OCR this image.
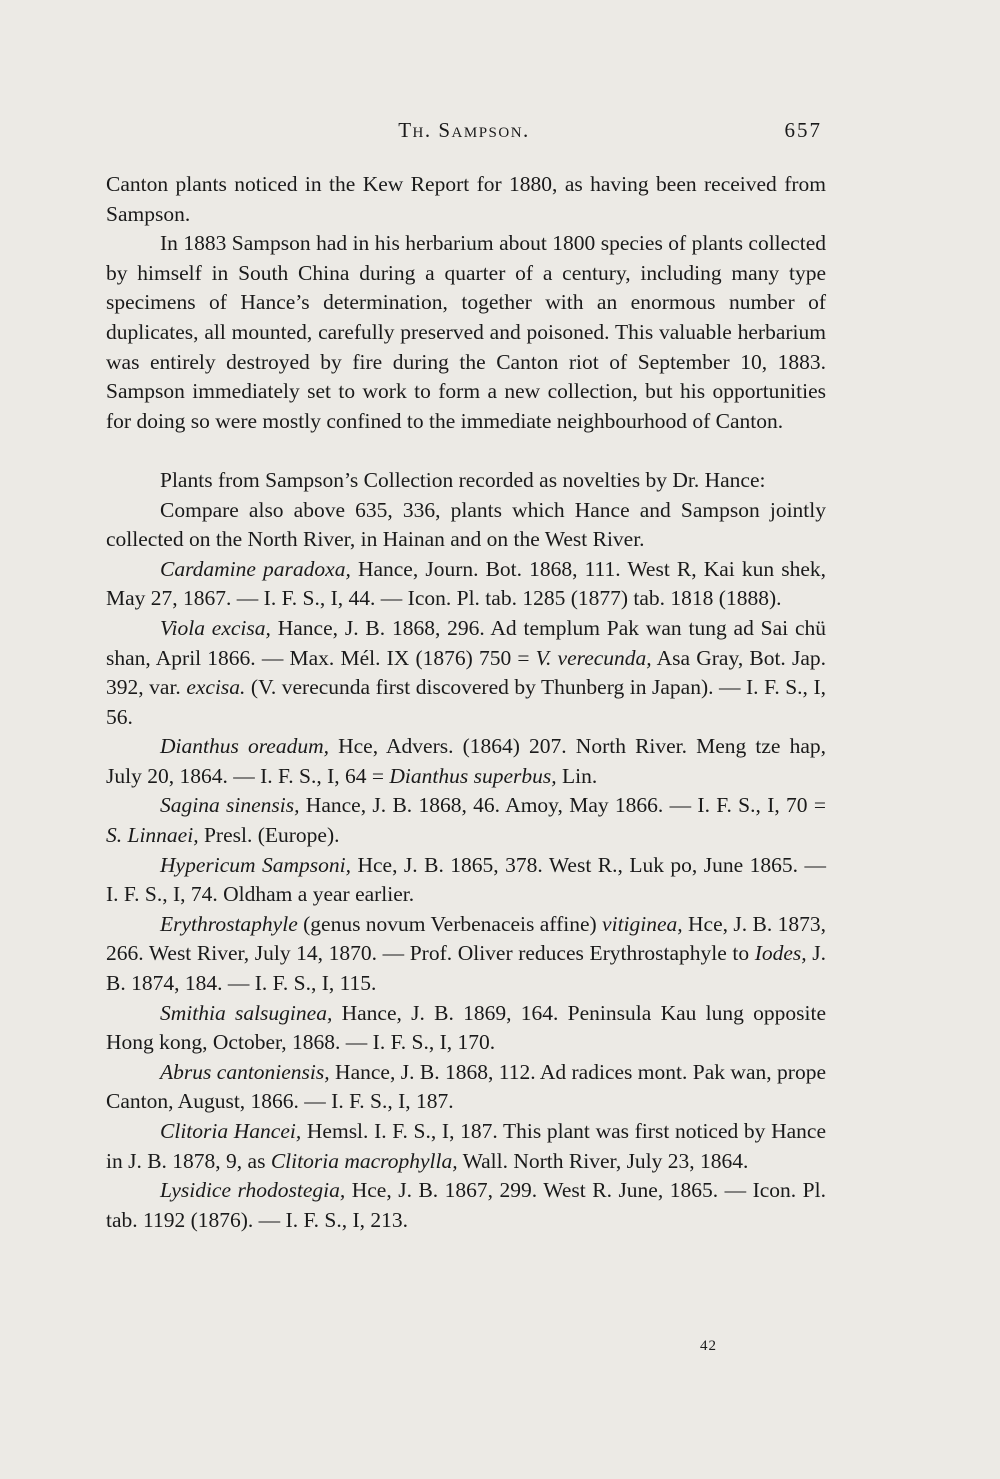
Th. Sampson.	657

Canton plants noticed in the Kew Report for 1880, as having been received from Sampson.

In 1883 Sampson had in his herbarium about 1800 species of plants collected by himself in South China during a quarter of a century, including many type specimens of Hance’s determination, together with an enormous number of duplicates, all mounted, carefully preserved and poisoned. This valuable herbarium was entirely destroyed by fire during the Canton riot of September 10, 1883. Sampson immediately set to work to form a new collection, but his opportunities for doing so were mostly confined to the immediate neighbourhood of Canton.

Plants from Sampson’s Collection recorded as novelties by Dr. Hance:

Compare also above 635, 336, plants which Hance and Sampson jointly collected on the North River, in Hainan and on the West River.

Cardamine paradoxa, Hance, Journ. Bot. 1868, 111. West R, Kai kun shek, May 27, 1867. — I. F. S., I, 44. — Icon. Pl. tab. 1285 (1877) tab. 1818 (1888).

Viola excisa, Hance, J. B. 1868, 296. Ad templum Pak wan tung ad Sai chü shan, April 1866. — Max. Mél. IX (1876) 750 = V. verecunda, Asa Gray, Bot. Jap. 392, var. excisa. (V. verecunda first discovered by Thunberg in Japan). — I. F. S., I, 56.

Dianthus oreadum, Hce, Advers. (1864) 207. North River. Meng tze hap, July 20, 1864. — I. F. S., I, 64 = Dianthus superbus, Lin.

Sagina sinensis, Hance, J. B. 1868, 46. Amoy, May 1866. — I. F. S., I, 70 = S. Linnaei, Presl. (Europe).

Hypericum Sampsoni, Hce, J. B. 1865, 378. West R., Luk po, June 1865. — I. F. S., I, 74. Oldham a year earlier.

Erythrostaphyle (genus novum Verbenaceis affine) vitiginea, Hce, J. B. 1873, 266. West River, July 14, 1870. — Prof. Oliver reduces Erythrostaphyle to Iodes, J. B. 1874, 184. — I. F. S., I, 115.

Smithia salsuginea, Hance, J. B. 1869, 164. Peninsula Kau lung opposite Hong kong, October, 1868. — I. F. S., I, 170.

Abrus cantoniensis, Hance, J. B. 1868, 112. Ad radices mont. Pak wan, prope Canton, August, 1866. — I. F. S., I, 187.

Clitoria Hancei, Hemsl. I. F. S., I, 187. This plant was first noticed by Hance in J. B. 1878, 9, as Clitoria macrophylla, Wall. North River, July 23, 1864.

Lysidice rhodostegia, Hce, J. B. 1867, 299. West R. June, 1865. — Icon. Pl. tab. 1192 (1876). — I. F. S., I, 213.

42
